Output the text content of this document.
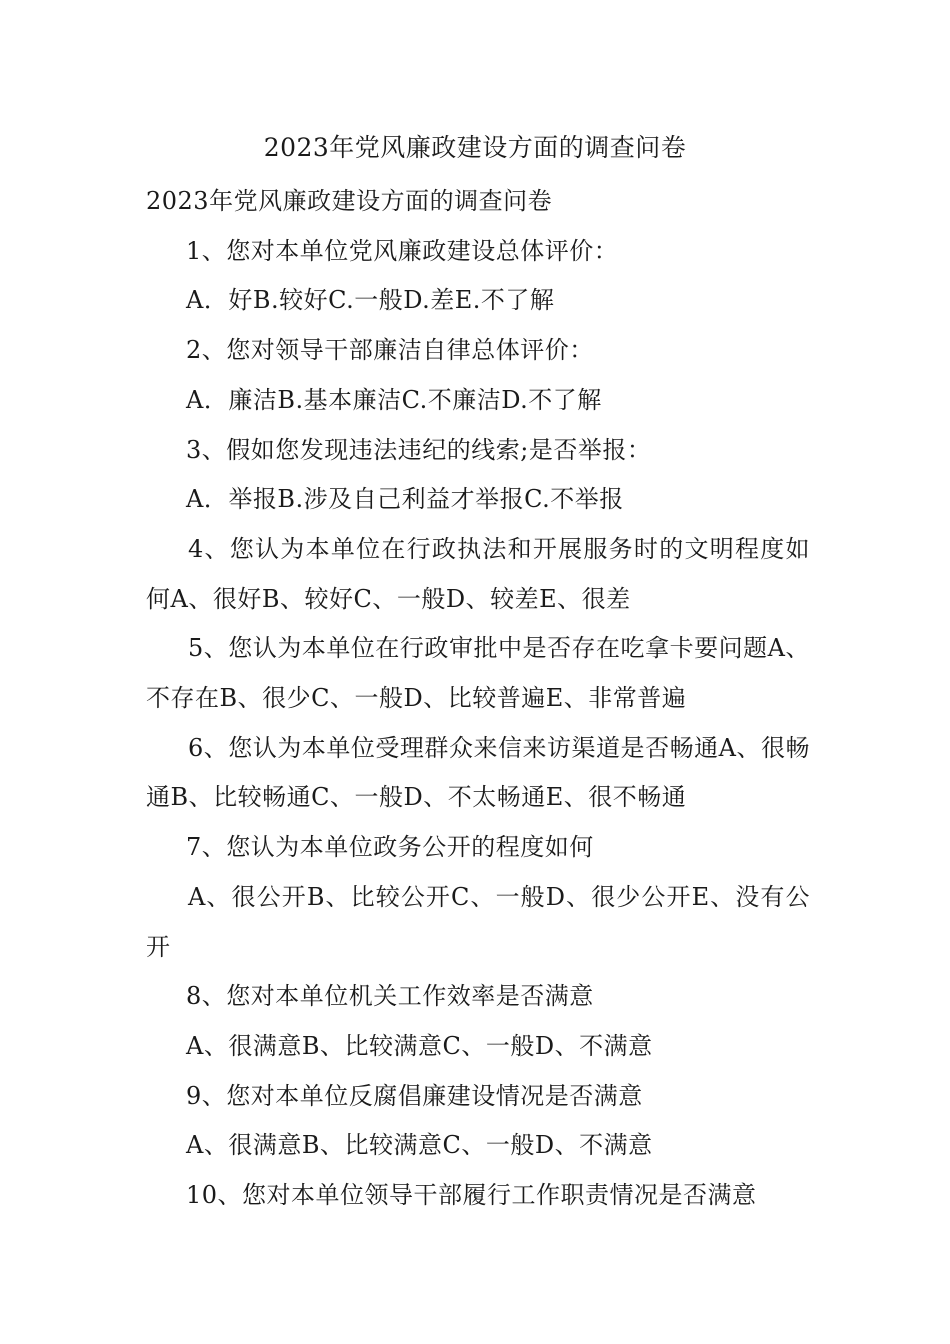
2023年党风廉政建设方面的调查问卷

2023年党风廉政建设方面的调查问卷

1、您对本单位党风廉政建设总体评价：

A．好B.较好C.一般D.差E.不了解

2、您对领导干部廉洁自律总体评价：

A．廉洁B.基本廉洁C.不廉洁D.不了解

3、假如您发现违法违纪的线索;是否举报：

A．举报B.涉及自己利益才举报C.不举报

4、您认为本单位在行政执法和开展服务时的文明程度如何A、很好B、较好C、一般D、较差E、很差

5、您认为本单位在行政审批中是否存在吃拿卡要问题A、不存在B、很少C、一般D、比较普遍E、非常普遍

6、您认为本单位受理群众来信来访渠道是否畅通A、很畅通B、比较畅通C、一般D、不太畅通E、很不畅通

7、您认为本单位政务公开的程度如何

A、很公开B、比较公开C、一般D、很少公开E、没有公开

8、您对本单位机关工作效率是否满意

A、很满意B、比较满意C、一般D、不满意

9、您对本单位反腐倡廉建设情况是否满意

A、很满意B、比较满意C、一般D、不满意

10、您对本单位领导干部履行工作职责情况是否满意
